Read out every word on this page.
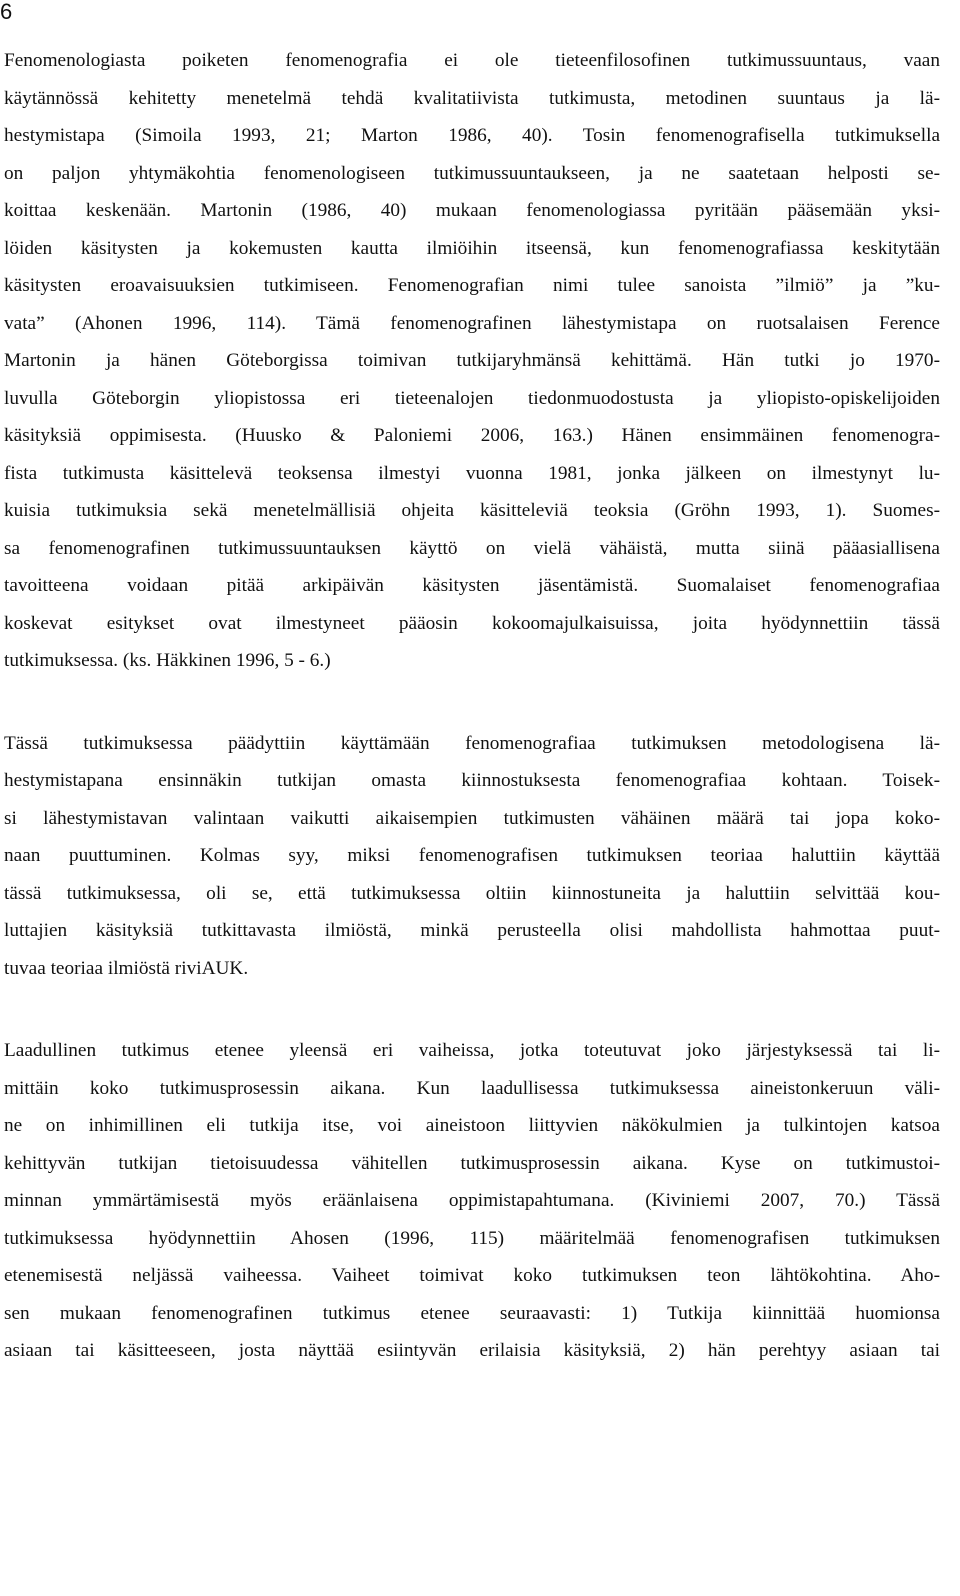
6
Fenomenologiasta poiketen fenomenografia ei ole tieteenfilosofinen tutkimussuuntaus, vaan
käytännössä kehitetty menetelmä tehdä kvalitatiivista tutkimusta, metodinen suuntaus ja lä-
hestymistapa (Simoila 1993, 21; Marton 1986, 40). Tosin fenomenografisella tutkimuksella
on paljon yhtymäkohtia fenomenologiseen tutkimussuuntaukseen, ja ne saatetaan helposti se-
koittaa keskenään. Martonin (1986, 40) mukaan fenomenologiassa pyritään pääsemään yksi-
löiden käsitysten ja kokemusten kautta ilmiöihin itseensä, kun fenomenografiassa keskitytään
käsitysten eroavaisuuksien tutkimiseen. Fenomenografian nimi tulee sanoista ”ilmiö” ja ”ku-
vata” (Ahonen 1996, 114). Tämä fenomenografinen lähestymistapa on ruotsalaisen Ference
Martonin ja hänen Göteborgissa toimivan tutkijaryhmänsä kehittämä. Hän tutki jo 1970-
luvulla Göteborgin yliopistossa eri tieteenalojen tiedonmuodostusta ja yliopisto-opiskelijoiden
käsityksiä oppimisesta. (Huusko & Paloniemi 2006, 163.) Hänen ensimmäinen fenomenogra-
fista tutkimusta käsittelevä teoksensa ilmestyi vuonna 1981, jonka jälkeen on ilmestynyt lu-
kuisia tutkimuksia sekä menetelmällisiä ohjeita käsitteleviä teoksia (Gröhn 1993, 1). Suomes-
sa fenomenografinen tutkimussuuntauksen käyttö on vielä vähäistä, mutta siinä pääasiallisena
tavoitteena voidaan pitää arkipäivän käsitysten jäsentämistä. Suomalaiset fenomenografiaa
koskevat esitykset ovat ilmestyneet pääosin kokoomajulkaisuissa, joita hyödynnettiin tässä
tutkimuksessa. (ks. Häkkinen 1996, 5 - 6.)
Tässä tutkimuksessa päädyttiin käyttämään fenomenografiaa tutkimuksen metodologisena lä-
hestymistapana ensinnäkin tutkijan omasta kiinnostuksesta fenomenografiaa kohtaan. Toisek-
si lähestymistavan valintaan vaikutti aikaisempien tutkimusten vähäinen määrä tai jopa koko-
naan puuttuminen. Kolmas syy, miksi fenomenografisen tutkimuksen teoriaa haluttiin käyttää
tässä tutkimuksessa, oli se, että tutkimuksessa oltiin kiinnostuneita ja haluttiin selvittää kou-
luttajien käsityksiä tutkittavasta ilmiöstä, minkä perusteella olisi mahdollista hahmottaa puut-
tuvaa teoriaa ilmiöstä riviAUK.
Laadullinen tutkimus etenee yleensä eri vaiheissa, jotka toteutuvat joko järjestyksessä tai li-
mittäin koko tutkimusprosessin aikana. Kun laadullisessa tutkimuksessa aineistonkeruun väli-
ne on inhimillinen eli tutkija itse, voi aineistoon liittyvien näkökulmien ja tulkintojen katsoa
kehittyvän tutkijan tietoisuudessa vähitellen tutkimusprosessin aikana. Kyse on tutkimustoi-
minnan ymmärtämisestä myös eräänlaisena oppimistapahtumana. (Kiviniemi 2007, 70.) Tässä
tutkimuksessa hyödynnettiin Ahosen (1996, 115) määritelmää fenomenografisen tutkimuksen
etenemisestä neljässä vaiheessa. Vaiheet toimivat koko tutkimuksen teon lähtökohtina. Aho-
sen mukaan fenomenografinen tutkimus etenee seuraavasti: 1) Tutkija kiinnittää huomionsa
asiaan tai käsitteeseen, josta näyttää esiintyvän erilaisia käsityksiä, 2) hän perehtyy asiaan tai
